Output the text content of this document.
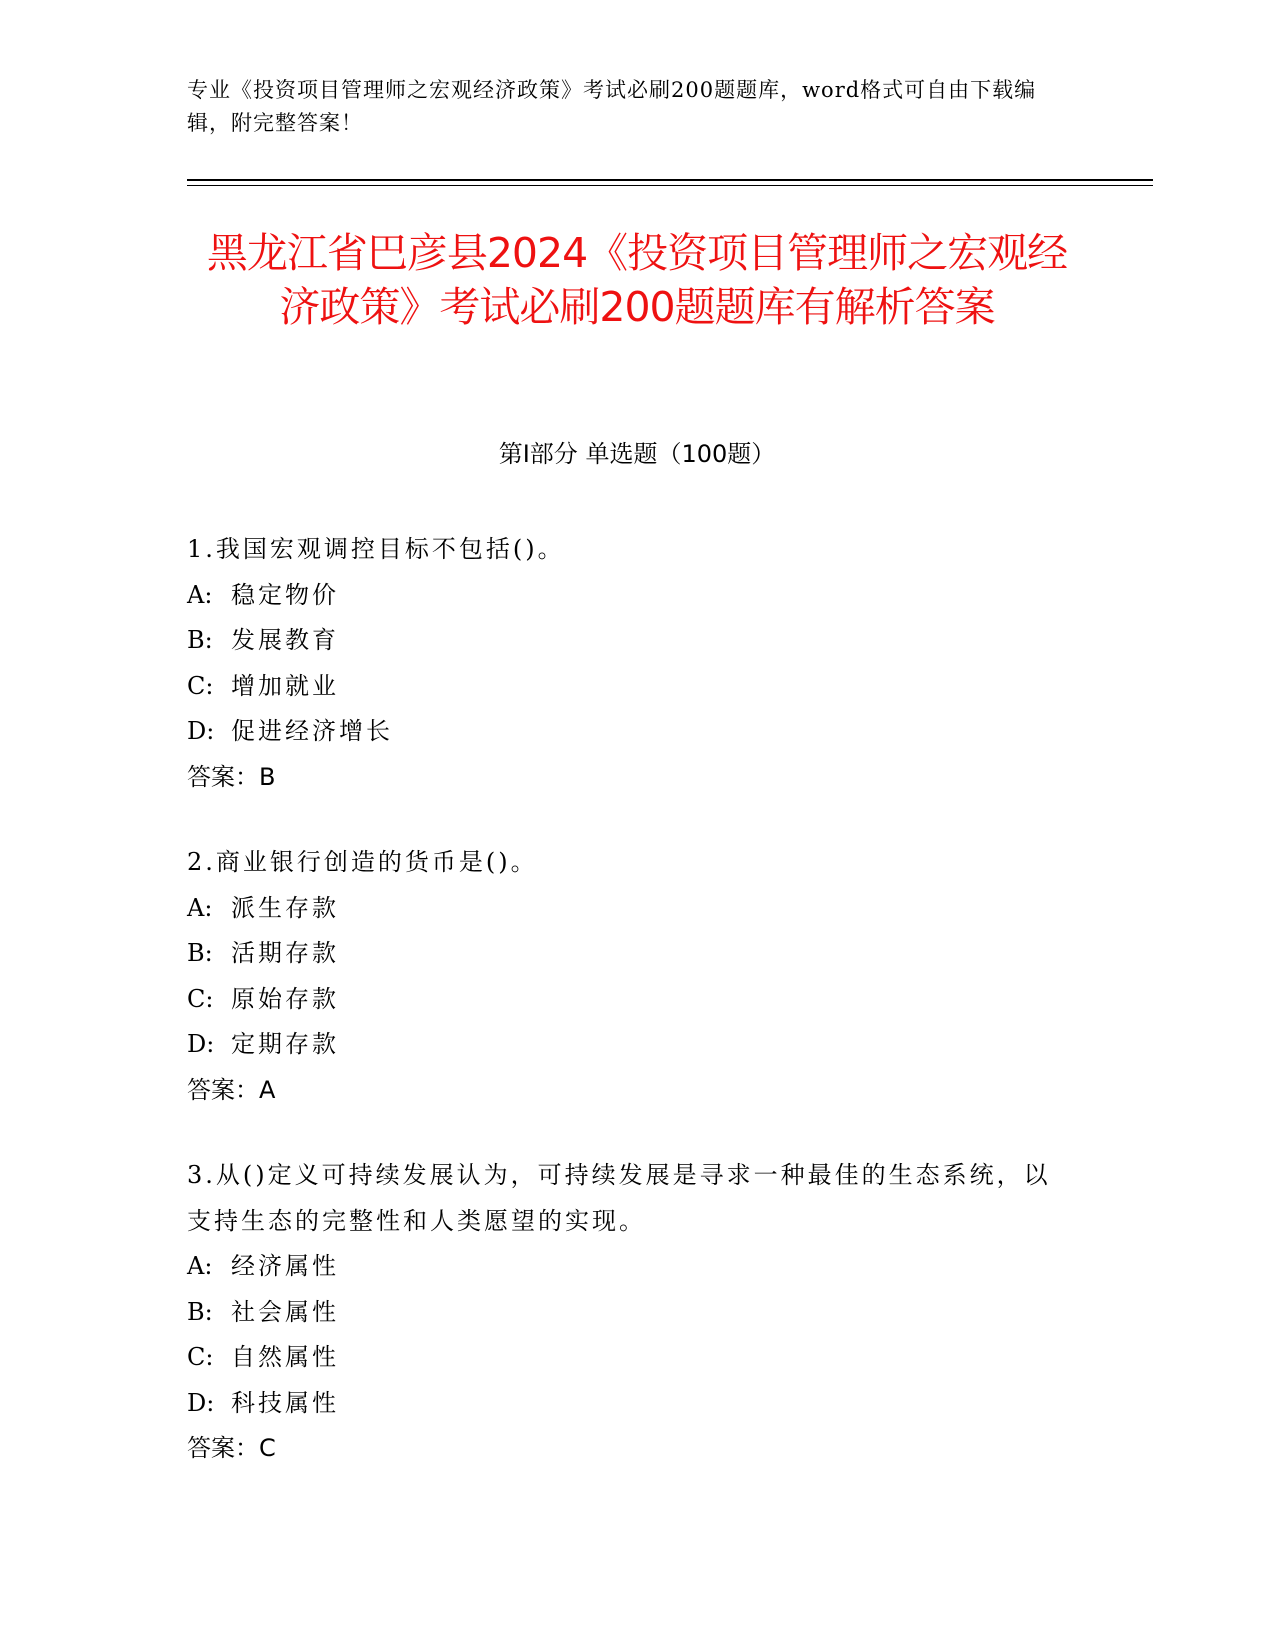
专业《投资项目管理师之宏观经济政策》考试必刷200题题库，word格式可自由下载编辑，附完整答案！
黑龙江省巴彦县2024《投资项目管理师之宏观经济政策》考试必刷200题题库有解析答案
第Ⅰ部分 单选题（100题）
1.我国宏观调控目标不包括()。
A: 稳定物价
B: 发展教育
C: 增加就业
D: 促进经济增长
答案：B
2.商业银行创造的货币是()。
A: 派生存款
B: 活期存款
C: 原始存款
D: 定期存款
答案：A
3.从()定义可持续发展认为，可持续发展是寻求一种最佳的生态系统，以支持生态的完整性和人类愿望的实现。
A: 经济属性
B: 社会属性
C: 自然属性
D: 科技属性
答案：C
